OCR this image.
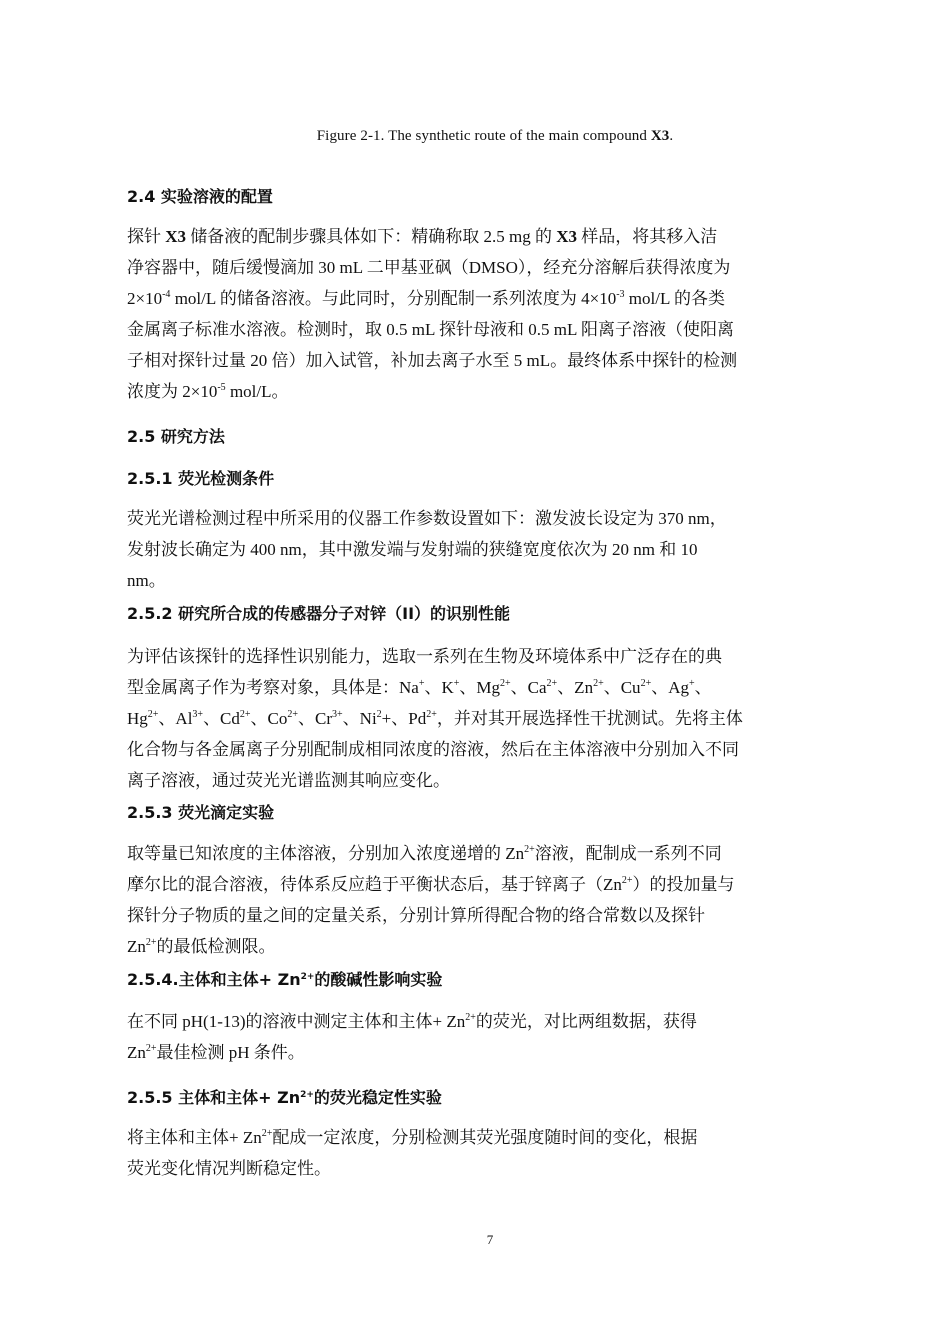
Figure 2-1. The synthetic route of the main compound X3.
2.4 实验溶液的配置
探针 X3 储备液的配制步骤具体如下：精确称取 2.5 mg 的 X3 样品，将其移入洁
净容器中，随后缓慢滴加 30 mL 二甲基亚砜（DMSO），经充分溶解后获得浓度为
$2\times 10^{-4}$ mol/L 的储备溶液。与此同时，分别配制一系列浓度为 $4\times 10^{-3}$ mol/L 的各类
金属离子标准水溶液。检测时，取 0.5 mL 探针母液和 0.5 mL 阳离子溶液（使阳离
子相对探针过量 20 倍）加入试管，补加去离子水至 5 mL。最终体系中探针的检测
浓度为 $2\times 10^{-5}$ mol/L。
2.5 研究方法
2.5.1 荧光检测条件
荧光光谱检测过程中所采用的仪器工作参数设置如下：激发波长设定为 370 nm，
发射波长确定为 400 nm，其中激发端与发射端的狭缝宽度依次为 20 nm 和 10
nm。
2.5.2 研究所合成的传感器分子对锌（II）的识别性能
为评估该探针的选择性识别能力，选取一系列在生物及环境体系中广泛存在的典
型金属离子作为考察对象，具体是：Na+、K+、$Mg^{2+}$、$Ca^{2+}$、$Zn^{2+}$、$Cu^{2+}$、Ag+、
$Hg^{2+}$、$Al^{3+}$、$Cd^{2+}$、$Co^{2+}$、$Cr^{3+}$、$Ni^2+$、$Pd^{2+}$，并对其开展选择性干扰测试。先将主体
化合物与各金属离子分别配制成相同浓度的溶液，然后在主体溶液中分别加入不同
离子溶液，通过荧光光谱监测其响应变化。
2.5.3 荧光滴定实验
取等量已知浓度的主体溶液，分别加入浓度递增的 $Zn^{2+}$溶液，配制成一系列不同
摩尔比的混合溶液，待体系反应趋于平衡状态后，基于锌离子$(Zn^{2+})$的投加量与
探针分子物质的量之间的定量关系，分别计算所得配合物的络合常数以及探针
$Zn^{2+}$的最低检测限。
2.5.4.主体和主体+ $Zn^{2+}$的酸碱性影响实验
在不同 pH(1-13)的溶液中测定主体和主体+ $Zn^{2+}$的荧光，对比两组数据，获得
$Zn^{2+}$最佳检测 pH 条件。
2.5.5 主体和主体+ $Zn^{2+}$的荧光稳定性实验
将主体和主体+ $Zn^{2+}$配成一定浓度，分别检测其荧光强度随时间的变化，根据
荧光变化情况判断稳定性。
7
